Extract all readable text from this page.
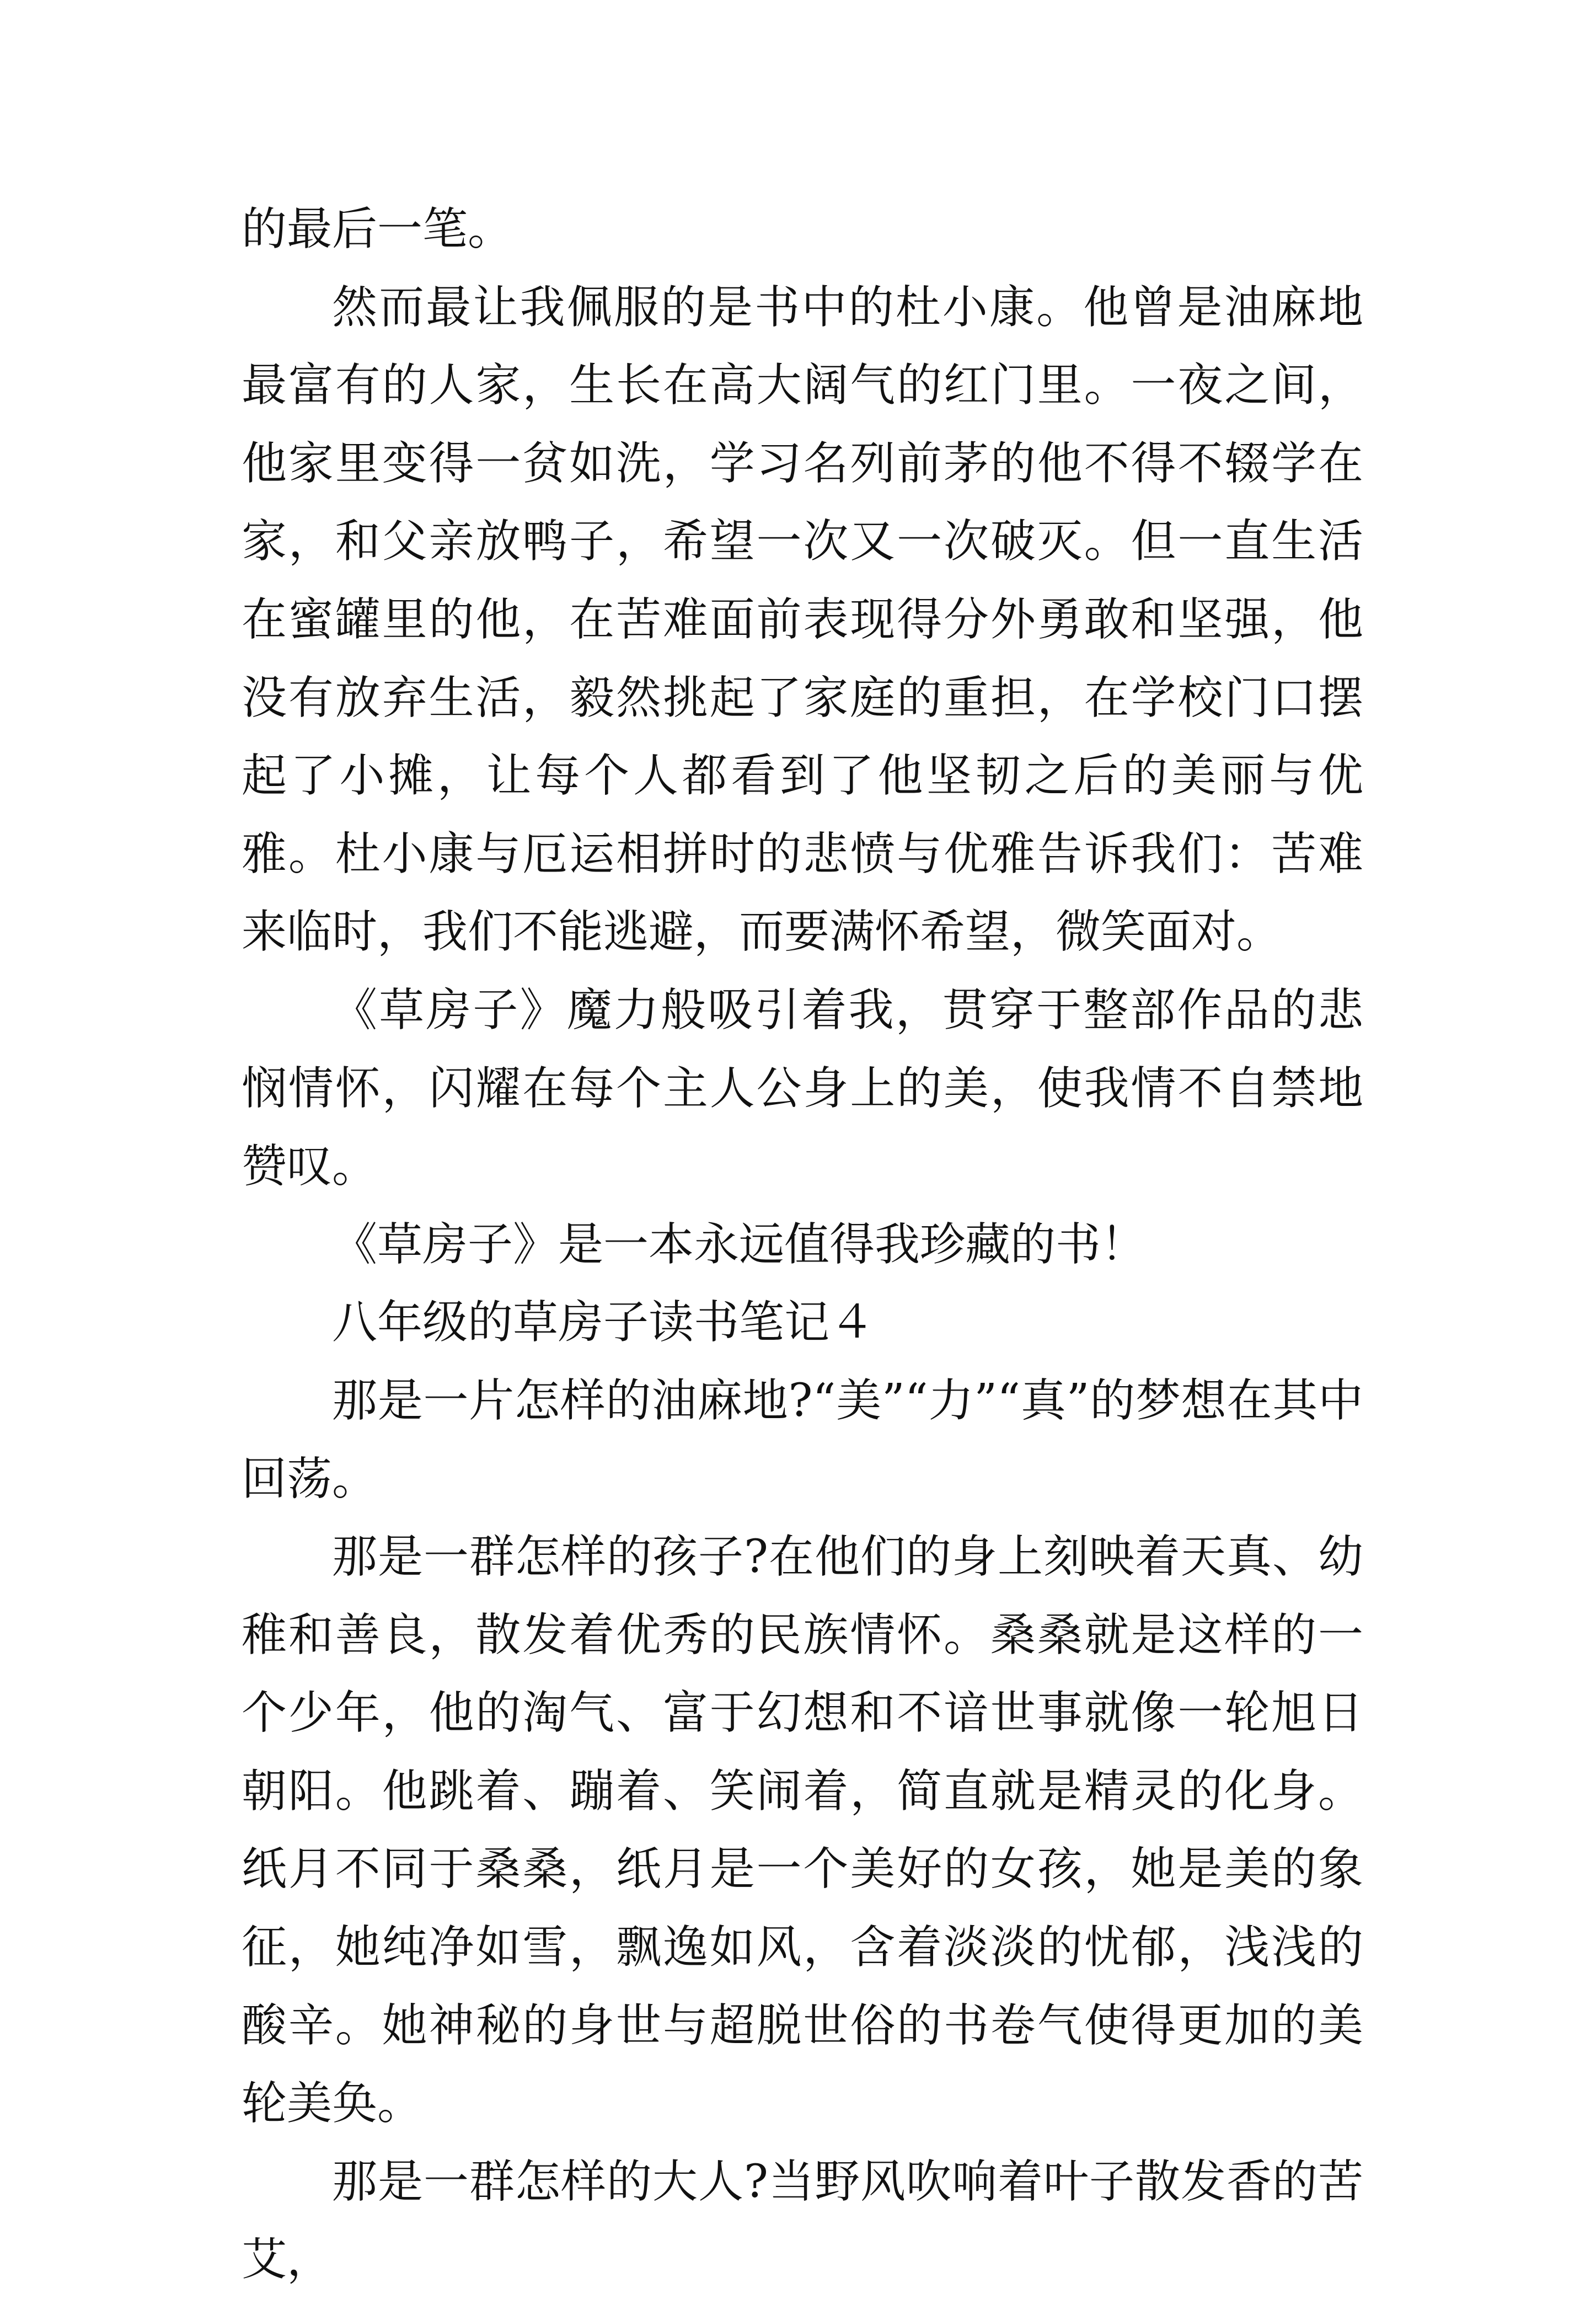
的最后一笔。

然而最让我佩服的是书中的杜小康。他曾是油麻地最富有的人家，生长在高大阔气的红门里。一夜之间，他家里变得一贫如洗，学习名列前茅的他不得不辍学在家，和父亲放鸭子，希望一次又一次破灭。但一直生活在蜜罐里的他，在苦难面前表现得分外勇敢和坚强，他没有放弃生活，毅然挑起了家庭的重担，在学校门口摆起了小摊，让每个人都看到了他坚韧之后的美丽与优雅。杜小康与厄运相拼时的悲愤与优雅告诉我们：苦难来临时，我们不能逃避，而要满怀希望，微笑面对。

《草房子》魔力般吸引着我，贯穿于整部作品的悲悯情怀，闪耀在每个主人公身上的美，使我情不自禁地赞叹。

《草房子》是一本永远值得我珍藏的书！

八年级的草房子读书笔记４

那是一片怎样的油麻地?“美”“力”“真”的梦想在其中回荡。

那是一群怎样的孩子?在他们的身上刻映着天真、幼稚和善良，散发着优秀的民族情怀。桑桑就是这样的一个少年，他的淘气、富于幻想和不谙世事就像一轮旭日朝阳。他跳着、蹦着、笑闹着，简直就是精灵的化身。纸月不同于桑桑，纸月是一个美好的女孩，她是美的象征，她纯净如雪，飘逸如风，含着淡淡的忧郁，浅浅的酸辛。她神秘的身世与超脱世俗的书卷气使得更加的美轮美奂。

那是一群怎样的大人?当野风吹响着叶子散发香的苦艾，
